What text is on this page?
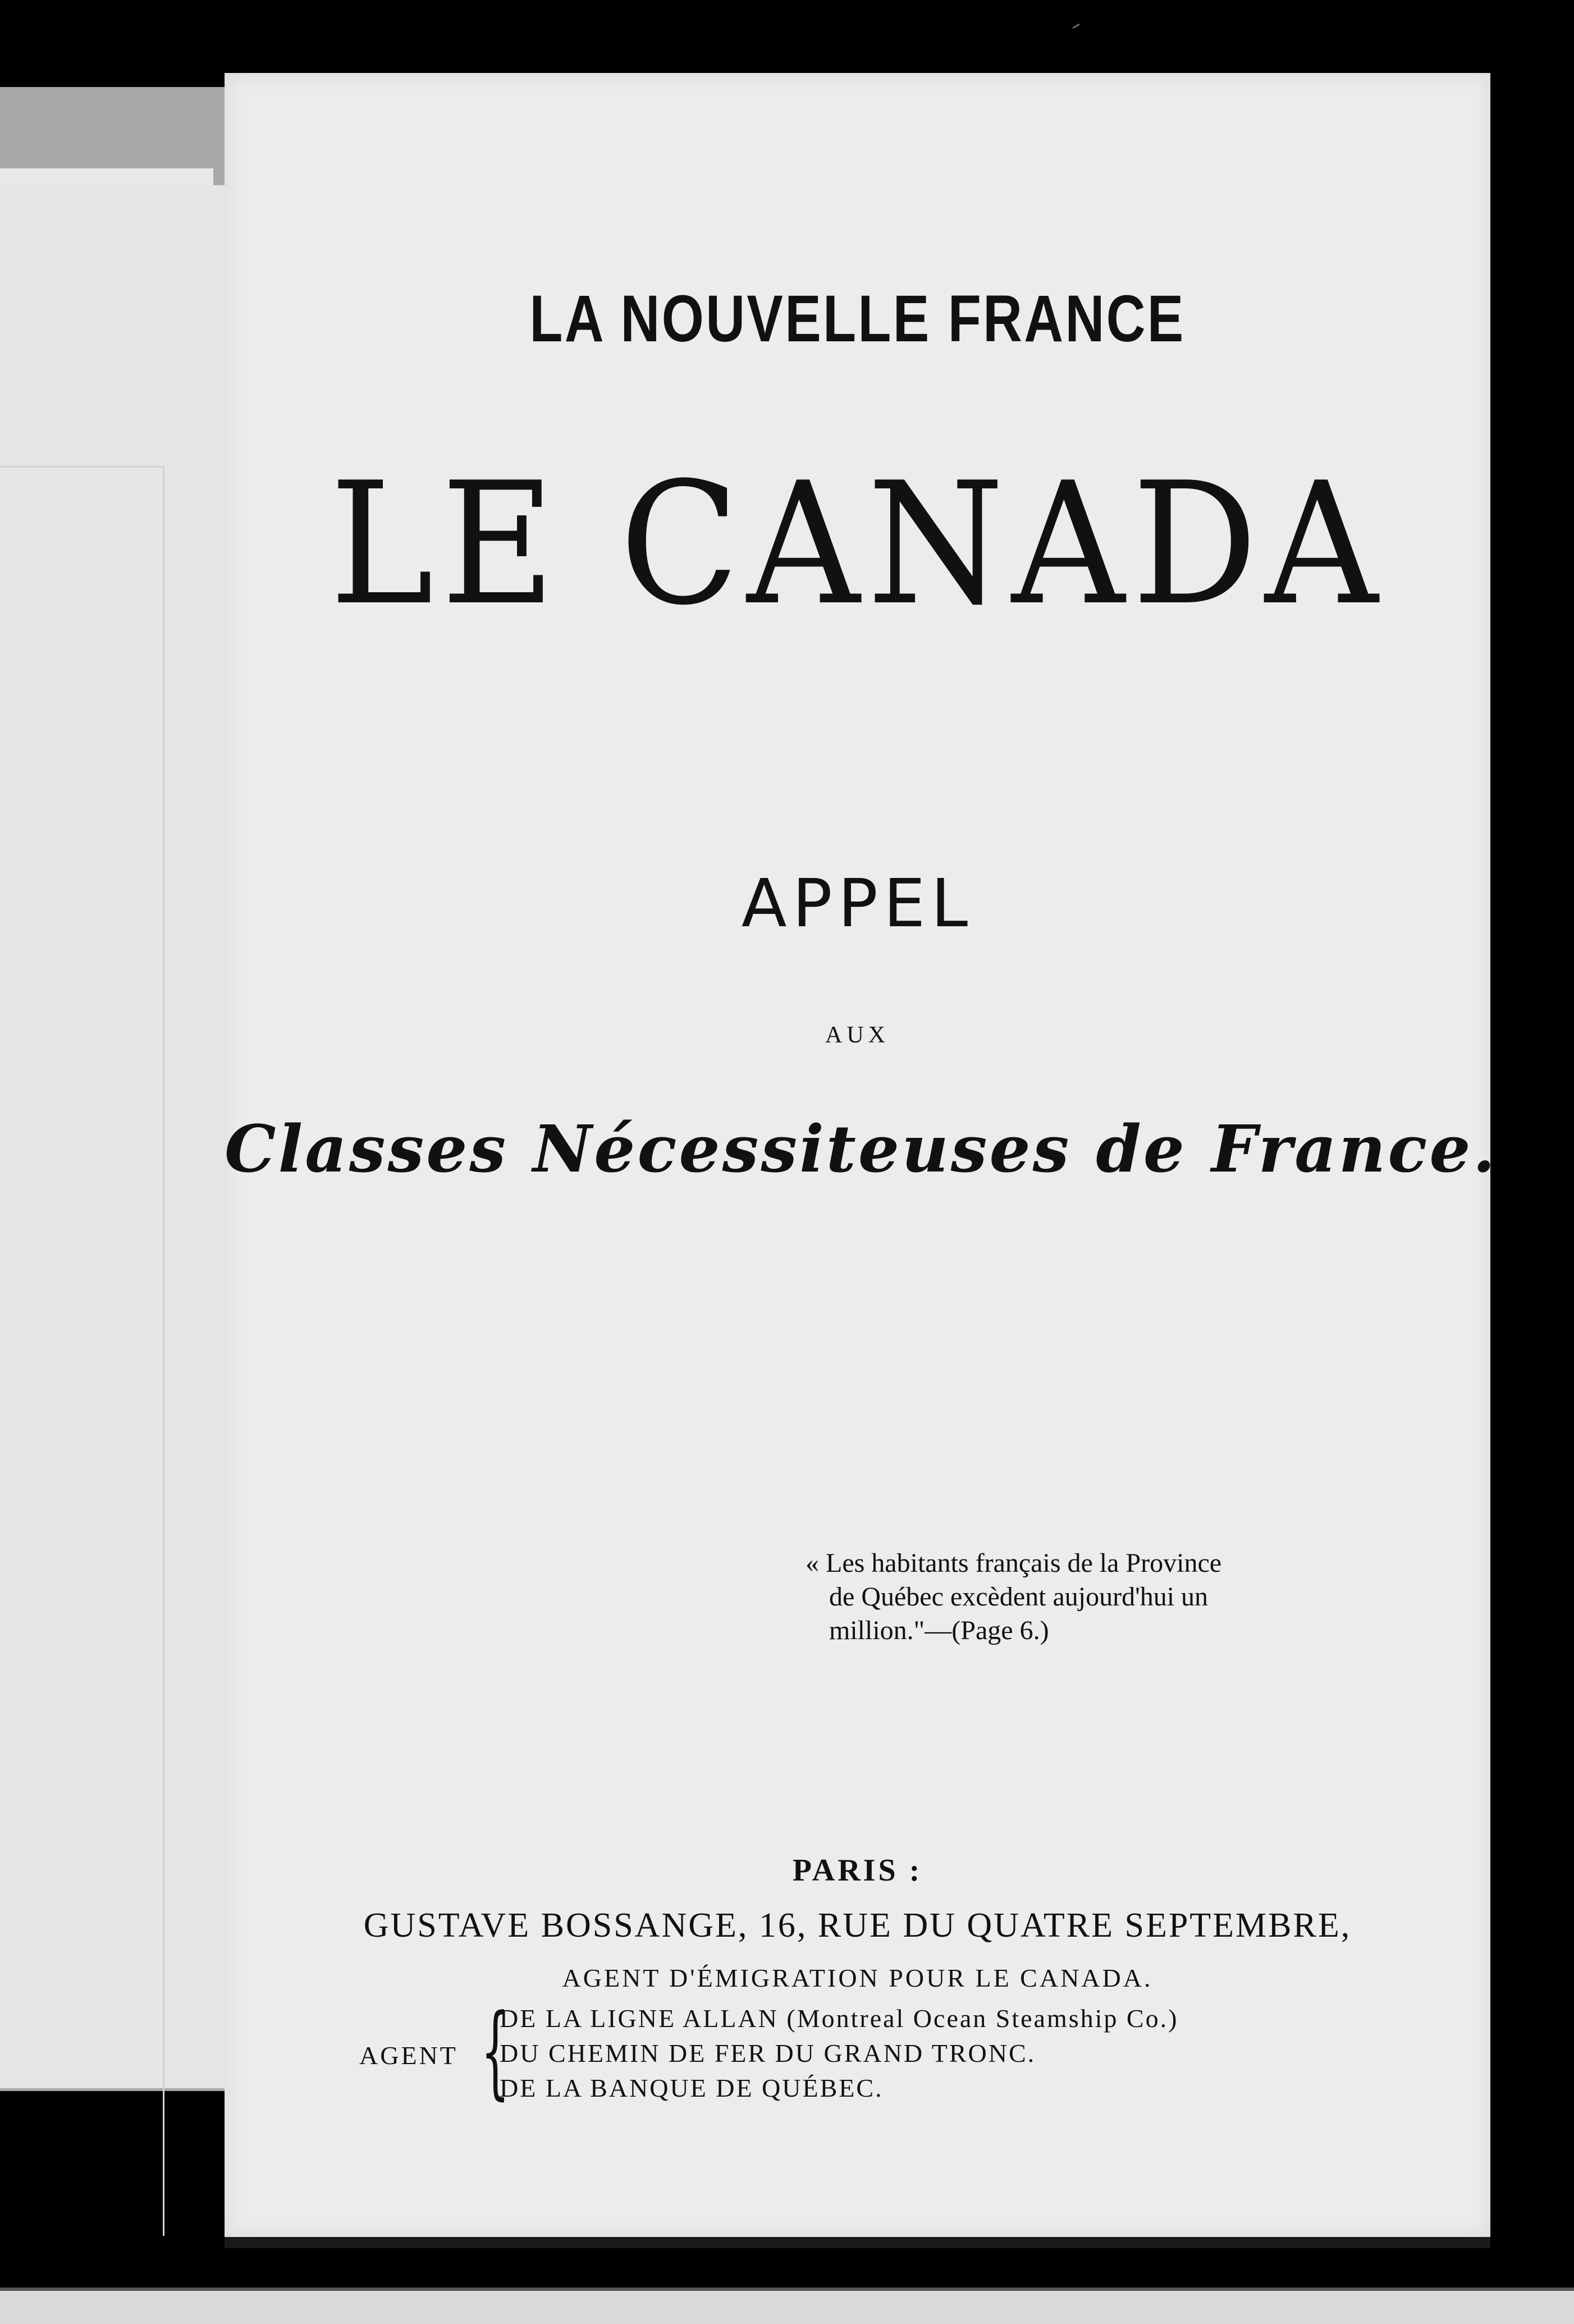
LA NOUVELLE FRANCE
LE CANADA
APPEL
AUX
Classes Nécessiteuses de France.
« Les habitants français de la Province
de Québec excèdent aujourd'hui un
million."—(Page 6.)
PARIS :
GUSTAVE BOSSANGE, 16, RUE DU QUATRE SEPTEMBRE,
AGENT D'ÉMIGRATION POUR LE CANADA.
AGENT {
DE LA LIGNE ALLAN (Montreal Ocean Steamship Co.)
DU CHEMIN DE FER DU GRAND TRONC.
DE LA BANQUE DE QUÉBEC.
